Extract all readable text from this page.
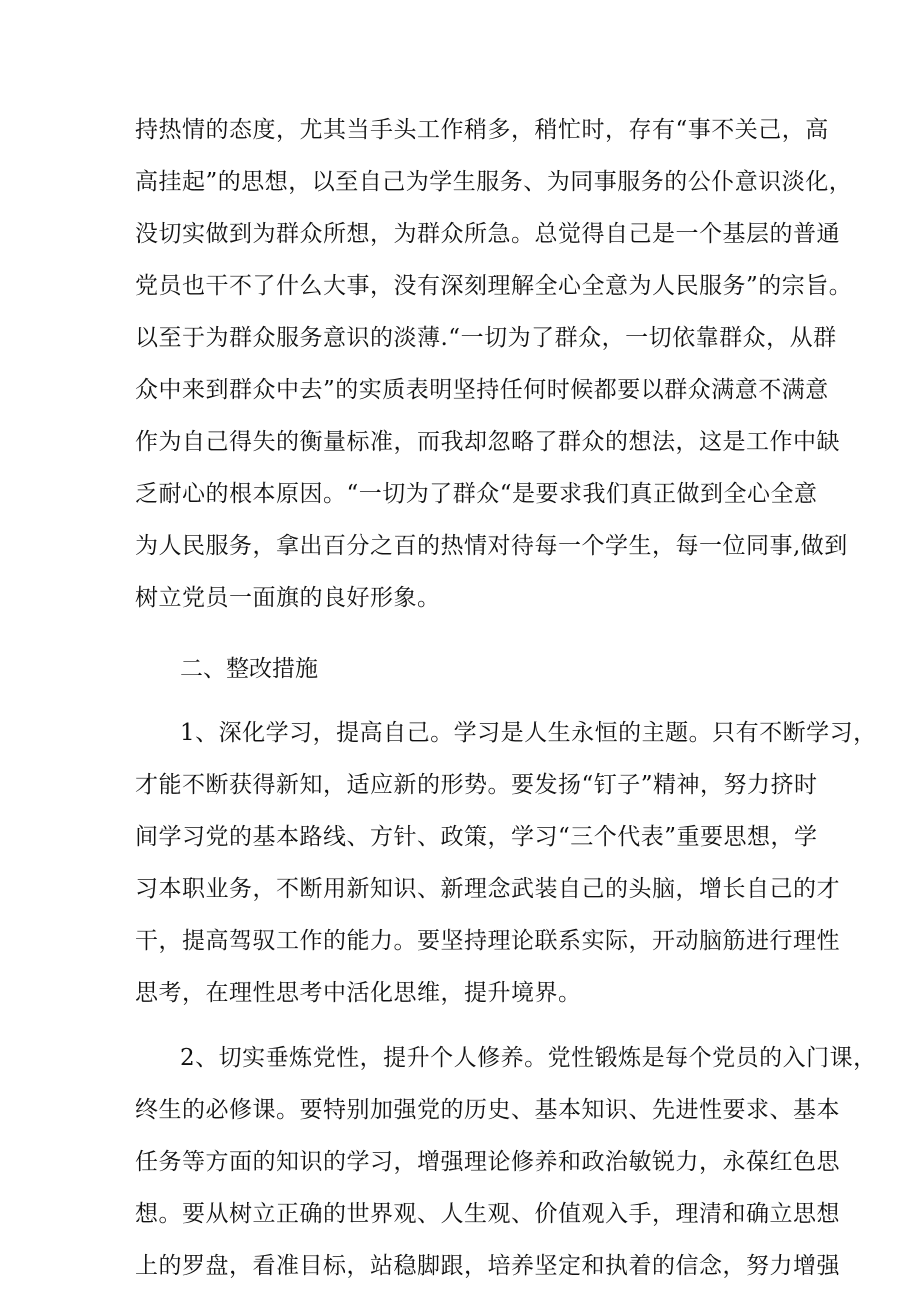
持热情的态度，尤其当手头工作稍多，稍忙时，存有“事不关己，高
高挂起”的思想，以至自己为学生服务、为同事服务的公仆意识淡化，
没切实做到为群众所想，为群众所急。总觉得自己是一个基层的普通
党员也干不了什么大事，没有深刻理解全心全意为人民服务”的宗旨。
以至于为群众服务意识的淡薄.“一切为了群众，一切依靠群众，从群
众中来到群众中去”的实质表明坚持任何时候都要以群众满意不满意
作为自己得失的衡量标准，而我却忽略了群众的想法，这是工作中缺
乏耐心的根本原因。“一切为了群众“是要求我们真正做到全心全意
为人民服务，拿出百分之百的热情对待每一个学生，每一位同事,做到
树立党员一面旗的良好形象。
二、整改措施
1、深化学习，提高自己。学习是人生永恒的主题。只有不断学习，
才能不断获得新知，适应新的形势。要发扬“钉子”精神，努力挤时
间学习党的基本路线、方针、政策，学习“三个代表”重要思想，学
习本职业务，不断用新知识、新理念武装自己的头脑，增长自己的才
干，提高驾驭工作的能力。要坚持理论联系实际，开动脑筋进行理性
思考，在理性思考中活化思维，提升境界。
2、切实垂炼党性，提升个人修养。党性锻炼是每个党员的入门课，
终生的必修课。要特别加强党的历史、基本知识、先进性要求、基本
任务等方面的知识的学习，增强理论修养和政治敏锐力，永葆红色思
想。要从树立正确的世界观、人生观、价值观入手，理清和确立思想
上的罗盘，看准目标，站稳脚跟，培养坚定和执着的信念，努力增强
